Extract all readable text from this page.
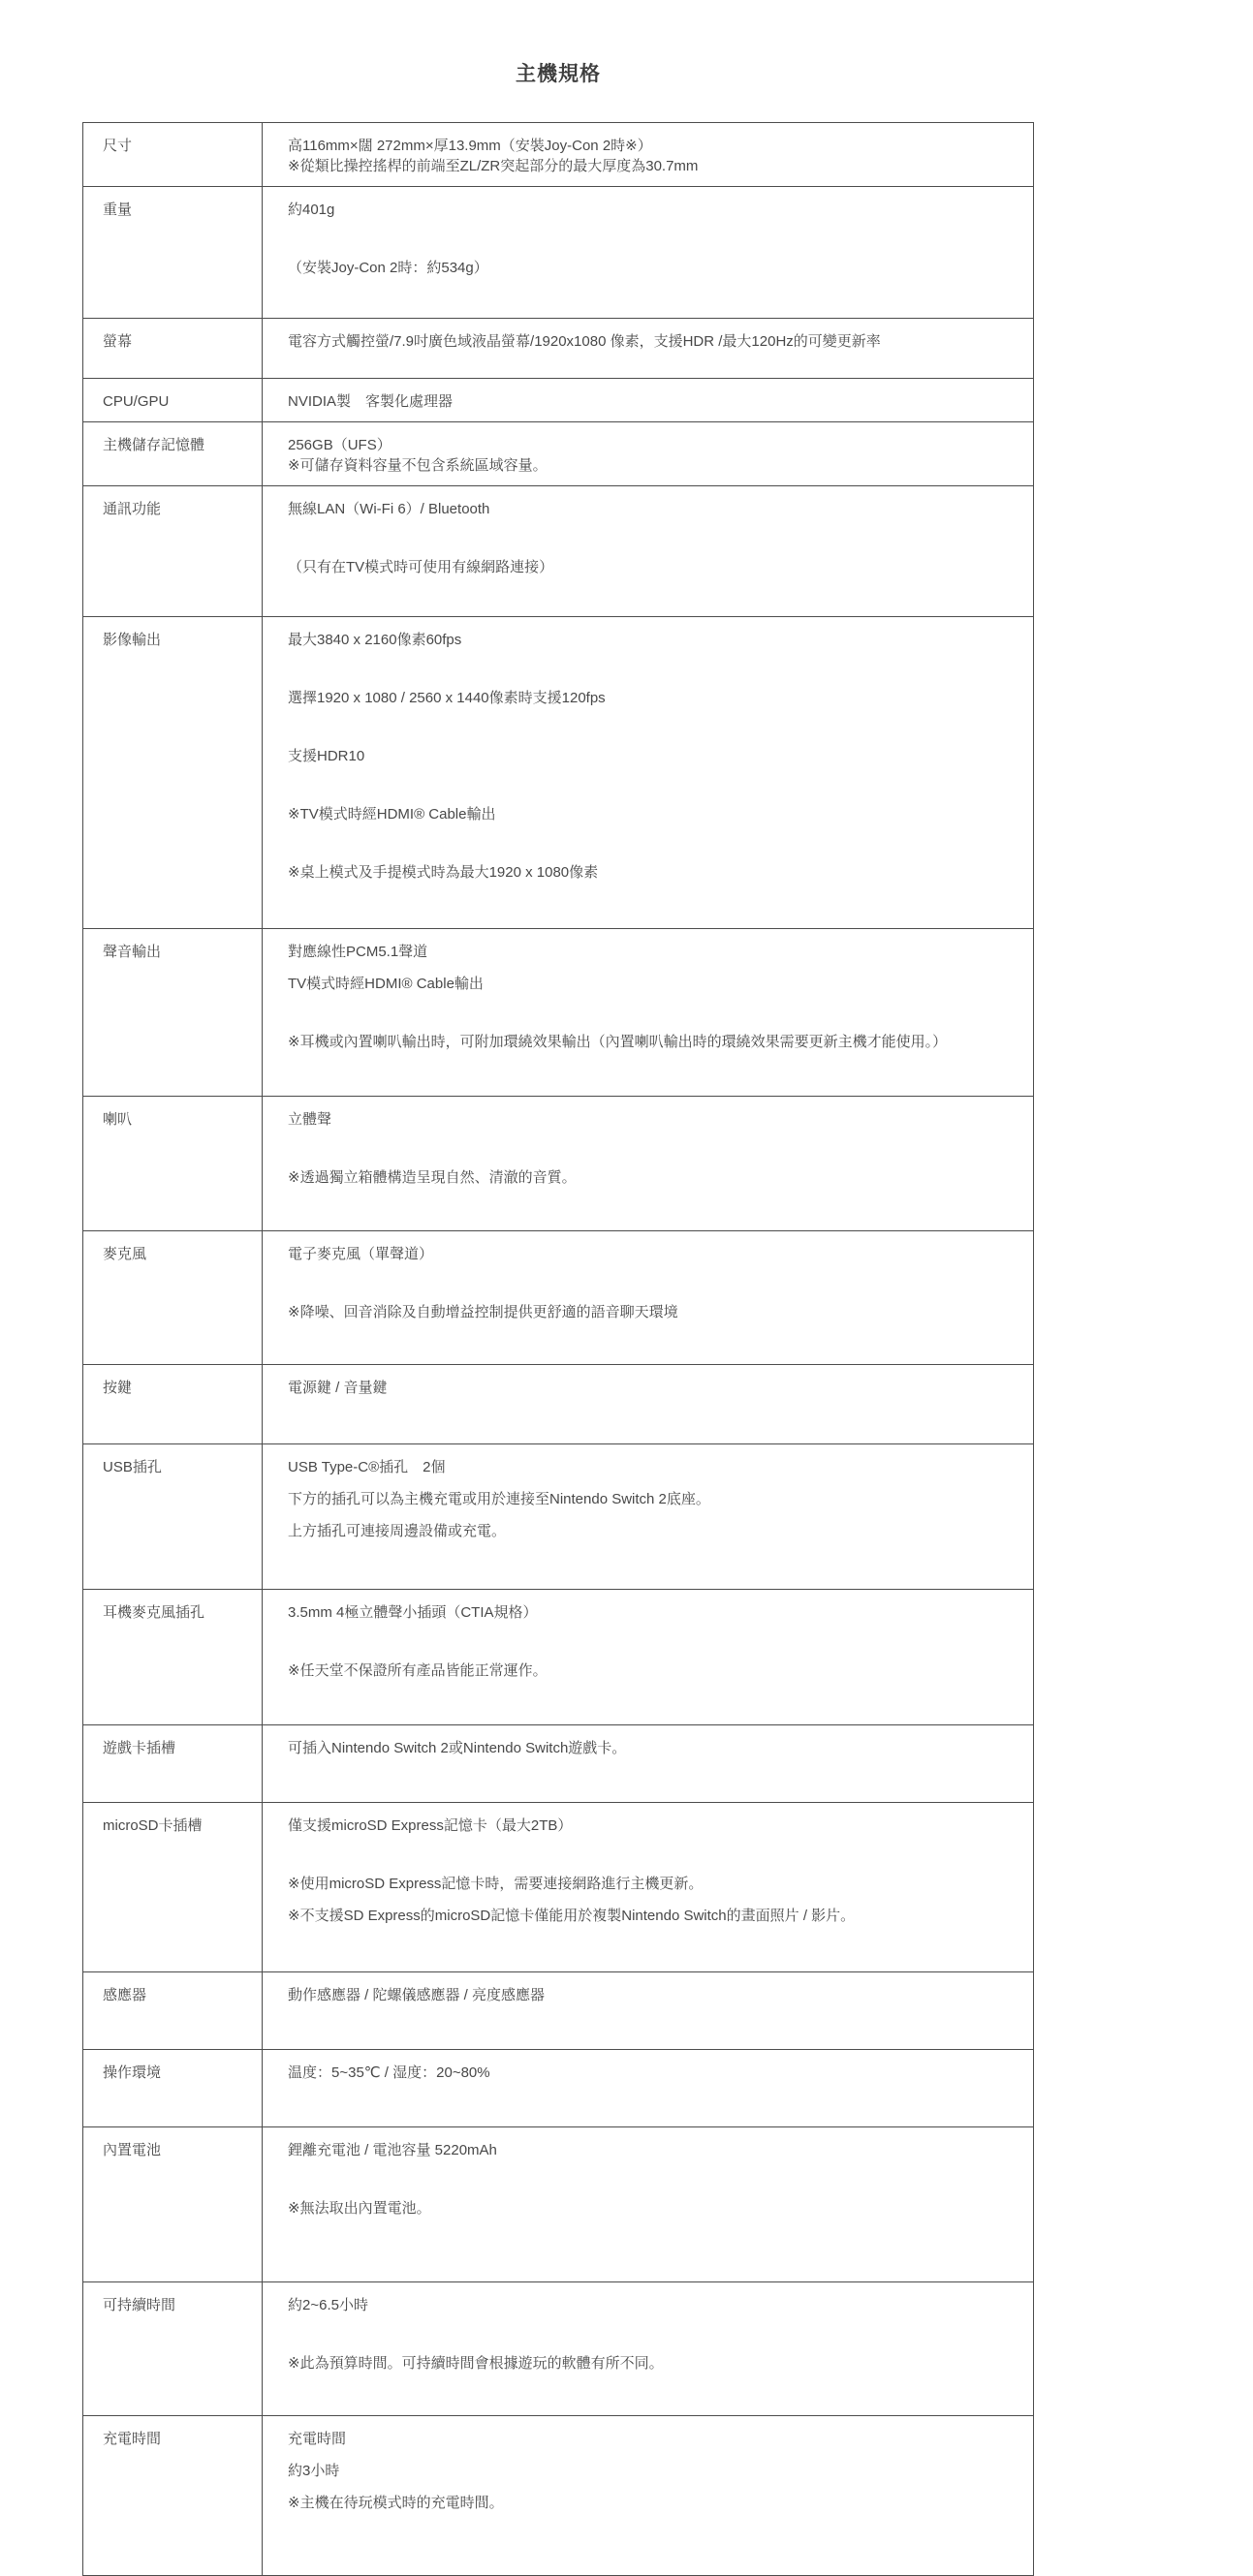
主機規格
尺寸	高116mm×闊 272mm×厚13.9mm（安裝Joy-Con 2時※）
※從類比操控搖桿的前端至ZL/ZR突起部分的最大厚度為30.7mm

重量	約401g
（安裝Joy-Con 2時：約534g）

螢幕	電容方式觸控螢/7.9吋廣色域液晶螢幕/1920x1080 像素，支援HDR /最大120Hz的可變更新率

CPU/GPU	NVIDIA製　客製化處理器

主機儲存記憶體	256GB（UFS）
※可儲存資料容量不包含系統區域容量。

通訊功能	無線LAN（Wi-Fi 6）/ Bluetooth
（只有在TV模式時可使用有線網路連接）

影像輸出	最大3840 x 2160像素60fps
選擇1920 x 1080 / 2560 x 1440像素時支援120fps
支援HDR10
※TV模式時經HDMI® Cable輸出
※桌上模式及手提模式時為最大1920 x 1080像素

聲音輸出	對應線性PCM5.1聲道
TV模式時經HDMI® Cable輸出
※耳機或內置喇叭輸出時，可附加環繞效果輸出（內置喇叭輸出時的環繞效果需要更新主機才能使用。）

喇叭	立體聲
※透過獨立箱體構造呈現自然、清澈的音質。

麥克風	電子麥克風（單聲道）
※降噪、回音消除及自動增益控制提供更舒適的語音聊天環境

按鍵	電源鍵 / 音量鍵

USB插孔	USB Type-C®插孔　2個
下方的插孔可以為主機充電或用於連接至Nintendo Switch 2底座。
上方插孔可連接周邊設備或充電。

耳機麥克風插孔	3.5mm 4極立體聲小插頭（CTIA規格）
※任天堂不保證所有產品皆能正常運作。

遊戲卡插槽	可插入Nintendo Switch 2或Nintendo Switch遊戲卡。

microSD卡插槽	僅支援microSD Express記憶卡（最大2TB）
※使用microSD Express記憶卡時，需要連接網路進行主機更新。
※不支援SD Express的microSD記憶卡僅能用於複製Nintendo Switch的畫面照片 / 影片。

感應器	動作感應器 / 陀螺儀感應器 / 亮度感應器

操作環境	温度：5~35℃ / 湿度：20~80%

內置電池	鋰離充電池 / 電池容量 5220mAh
※無法取出內置電池。

可持續時間	約2~6.5小時
※此為預算時間。可持續時間會根據遊玩的軟體有所不同。

充電時間	充電時間
約3小時
※主機在待玩模式時的充電時間。
